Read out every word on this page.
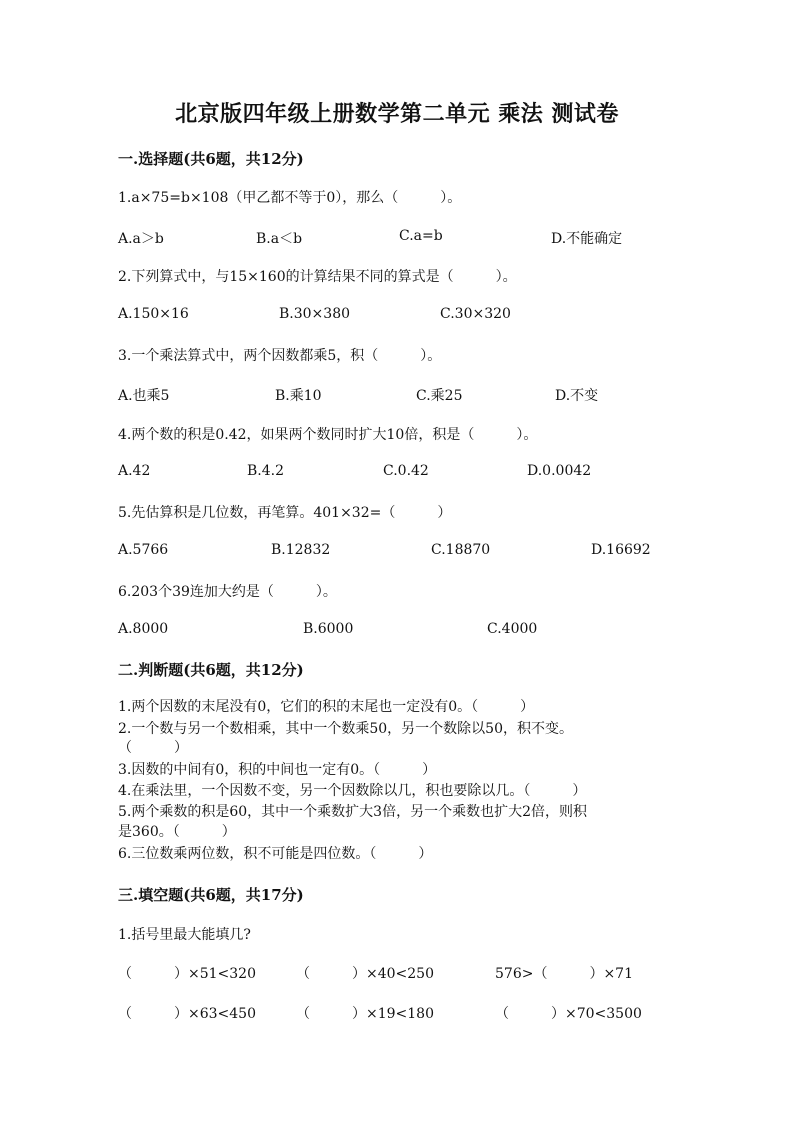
北京版四年级上册数学第二单元 乘法 测试卷
一.选择题(共6题，共12分)
1.a×75=b×108（甲乙都不等于0），那么（　　　）。
A.a＞b	B.a＜b	C.a=b	D.不能确定
2.下列算式中，与15×160的计算结果不同的算式是（　　　）。
A.150×16	B.30×380	C.30×320
3.一个乘法算式中，两个因数都乘5，积（　　　）。
A.也乘5	B.乘10	C.乘25	D.不变
4.两个数的积是0.42，如果两个数同时扩大10倍，积是（　　　）。
A.42	B.4.2	C.0.42	D.0.0042
5.先估算积是几位数，再笔算。401×32=（　　　）
A.5766	B.12832	C.18870	D.16692
6.203个39连加大约是（　　　）。
A.8000	B.6000	C.4000
二.判断题(共6题，共12分)
1.两个因数的末尾没有0，它们的积的末尾也一定没有0。（　　　）
2.一个数与另一个数相乘，其中一个数乘50，另一个数除以50，积不变。
（　　　）
3.因数的中间有0，积的中间也一定有0。（　　　）
4.在乘法里，一个因数不变，另一个因数除以几，积也要除以几。（　　　）
5.两个乘数的积是60，其中一个乘数扩大3倍，另一个乘数也扩大2倍，则积
是360。（　　　）
6.三位数乘两位数，积不可能是四位数。（　　　）
三.填空题(共6题，共17分)
1.括号里最大能填几?
（　　　）×51<320	（　　　）×40<250	576>（　　　）×71
（　　　）×63<450	（　　　）×19<180	（　　　）×70<3500
